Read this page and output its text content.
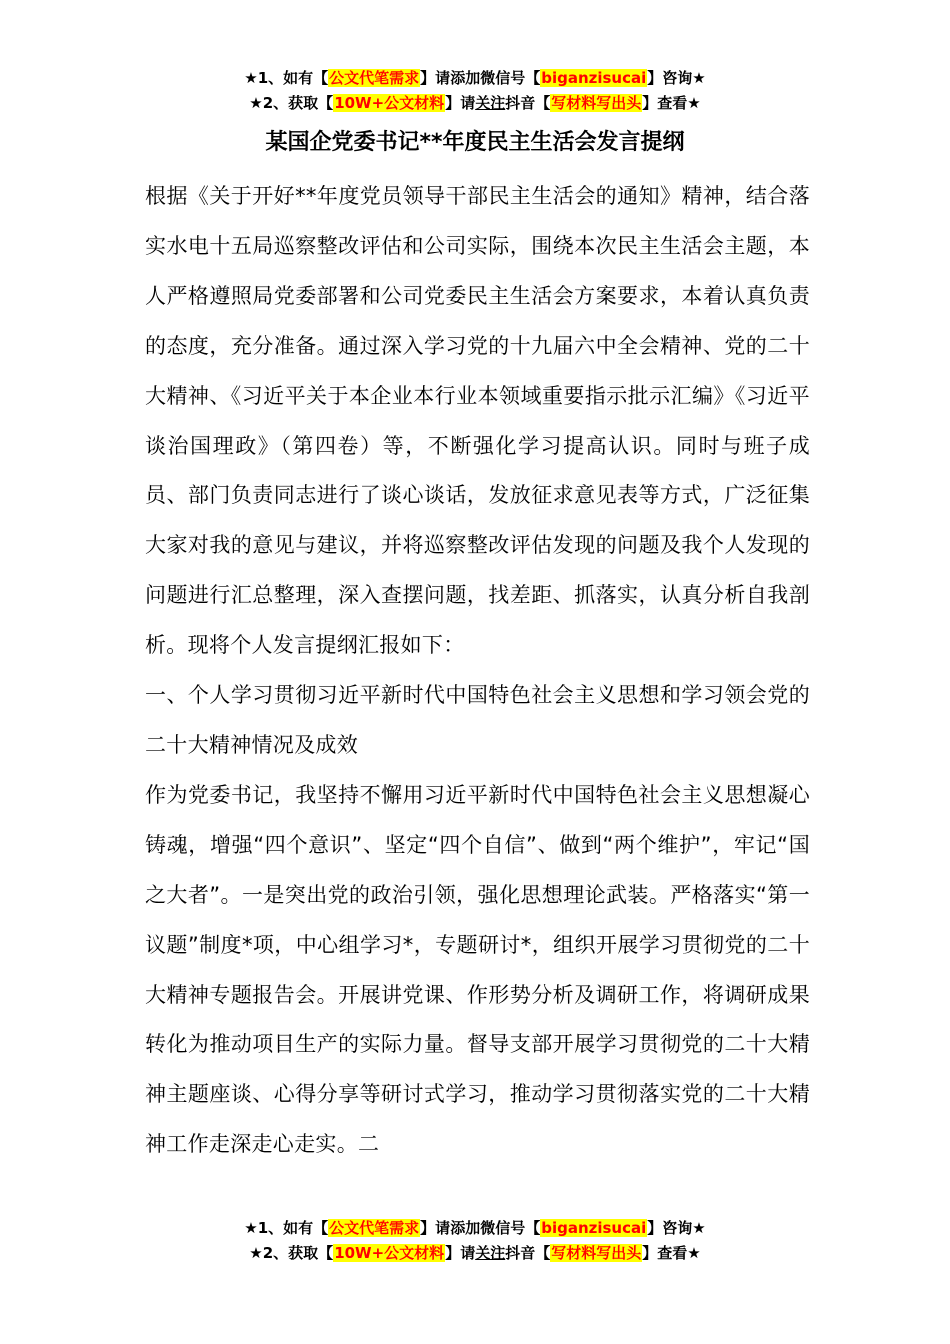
★1、如有【公文代笔需求】请添加微信号【biganzisucai】咨询★
★2、获取【10W+公文材料】请关注抖音【写材料写出头】查看★
某国企党委书记**年度民主生活会发言提纲

根据《关于开好**年度党员领导干部民主生活会的通知》精神，结合落实水电十五局巡察整改评估和公司实际，围绕本次民主生活会主题，本人严格遵照局党委部署和公司党委民主生活会方案要求，本着认真负责的态度，充分准备。通过深入学习党的十九届六中全会精神、党的二十大精神、《习近平关于本企业本行业本领域重要指示批示汇编》《习近平谈治国理政》（第四卷）等，不断强化学习提高认识。同时与班子成员、部门负责同志进行了谈心谈话，发放征求意见表等方式，广泛征集大家对我的意见与建议，并将巡察整改评估发现的问题及我个人发现的问题进行汇总整理，深入查摆问题，找差距、抓落实，认真分析自我剖析。现将个人发言提纲汇报如下：

一、个人学习贯彻习近平新时代中国特色社会主义思想和学习领会党的二十大精神情况及成效

作为党委书记，我坚持不懈用习近平新时代中国特色社会主义思想凝心铸魂，增强“四个意识”、坚定“四个自信”、做到“两个维护”，牢记“国之大者”。一是突出党的政治引领，强化思想理论武装。严格落实“第一议题”制度*项，中心组学习*，专题研讨*，组织开展学习贯彻党的二十大精神专题报告会。开展讲党课、作形势分析及调研工作，将调研成果转化为推动项目生产的实际力量。督导支部开展学习贯彻党的二十大精神主题座谈、心得分享等研讨式学习，推动学习贯彻落实党的二十大精神工作走深走心走实。二

★1、如有【公文代笔需求】请添加微信号【biganzisucai】咨询★
★2、获取【10W+公文材料】请关注抖音【写材料写出头】查看★
